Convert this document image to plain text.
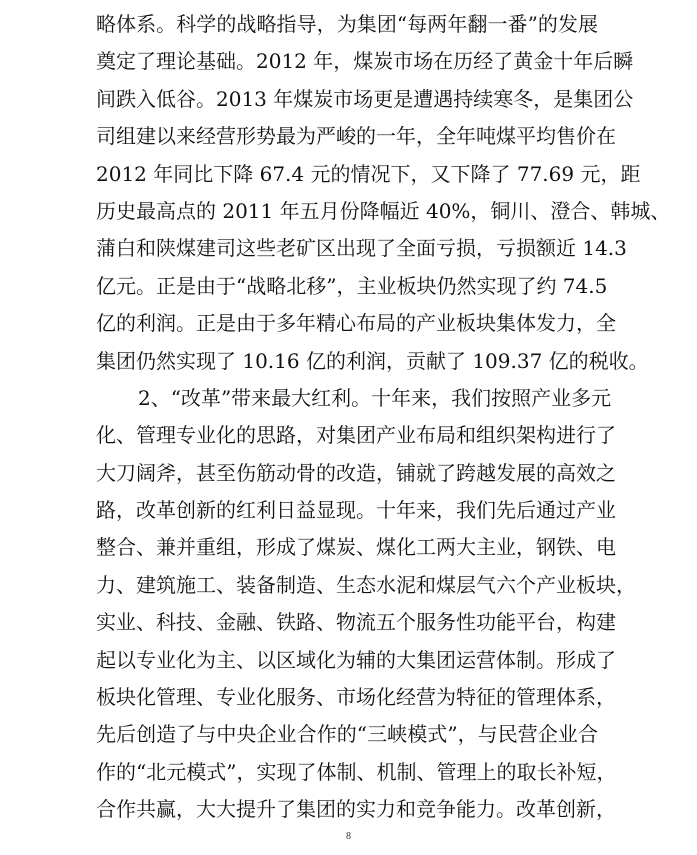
略体系。科学的战略指导，为集团“每两年翻一番”的发展
奠定了理论基础。2012 年，煤炭市场在历经了黄金十年后瞬
间跌入低谷。2013 年煤炭市场更是遭遇持续寒冬，是集团公
司组建以来经营形势最为严峻的一年，全年吨煤平均售价在
2012 年同比下降 67.4 元的情况下，又下降了 77.69 元，距
历史最高点的 2011 年五月份降幅近 40%，铜川、澄合、韩城、
蒲白和陕煤建司这些老矿区出现了全面亏损，亏损额近 14.3
亿元。正是由于“战略北移”，主业板块仍然实现了约 74.5
亿的利润。正是由于多年精心布局的产业板块集体发力，全
集团仍然实现了 10.16 亿的利润，贡献了 109.37 亿的税收。
2、“改革”带来最大红利。十年来，我们按照产业多元
化、管理专业化的思路，对集团产业布局和组织架构进行了
大刀阔斧，甚至伤筋动骨的改造，铺就了跨越发展的高效之
路，改革创新的红利日益显现。十年来，我们先后通过产业
整合、兼并重组，形成了煤炭、煤化工两大主业，钢铁、电
力、建筑施工、装备制造、生态水泥和煤层气六个产业板块，
实业、科技、金融、铁路、物流五个服务性功能平台，构建
起以专业化为主、以区域化为辅的大集团运营体制。形成了
板块化管理、专业化服务、市场化经营为特征的管理体系，
先后创造了与中央企业合作的“三峡模式”，与民营企业合
作的“北元模式”，实现了体制、机制、管理上的取长补短，
合作共赢，大大提升了集团的实力和竞争能力。改革创新，
8
